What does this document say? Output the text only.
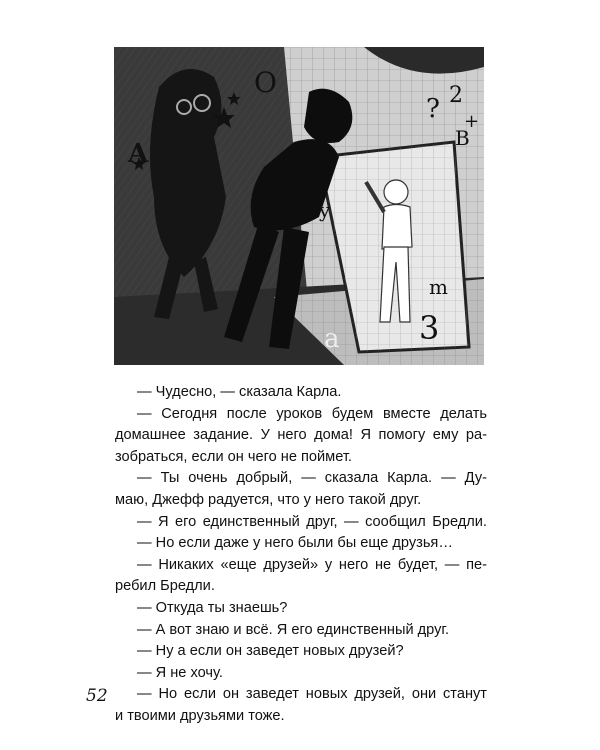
A
O
? 2
+
B
y
m
3
a
— Чудесно, — сказала Карла.
— Сегодня после уроков будем вместе делать
домашнее задание. У него дома! Я помогу ему ра-
зобраться, если он чего не поймет.
— Ты очень добрый, — сказала Карла. — Ду-
маю, Джефф радуется, что у него такой друг.
— Я его единственный друг, — сообщил Бредли.
— Но если даже у него были бы еще друзья…
— Никаких «еще друзей» у него не будет, — пе-
ребил Бредли.
— Откуда ты знаешь?
— А вот знаю и всё. Я его единственный друг.
— Ну а если он заведет новых друзей?
— Я не хочу.
— Но если он заведет новых друзей, они станут
и твоими друзьями тоже.
52
